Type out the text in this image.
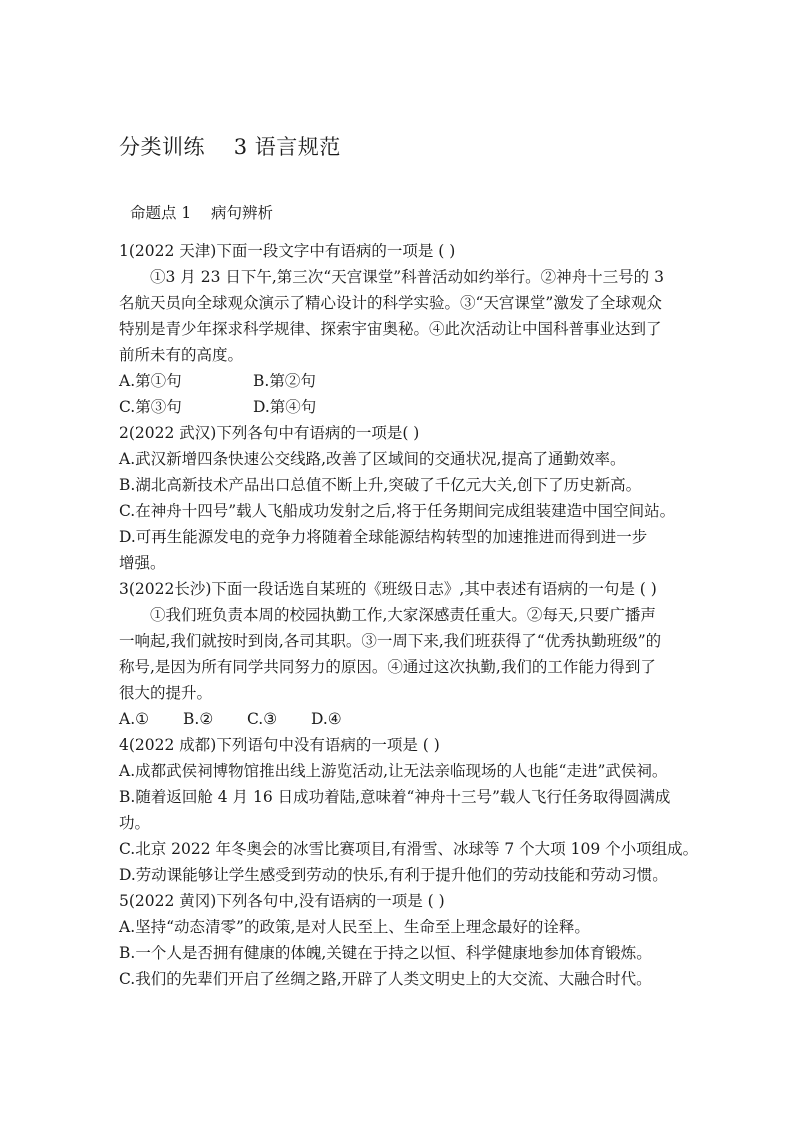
分类训练    3 语言规范
命题点 1    病句辨析
1(2022 天津)下面一段文字中有语病的一项是 ( )
①3 月 23 日下午,第三次“天宫课堂”科普活动如约举行。②神舟十三号的 3
名航天员向全球观众演示了精心设计的科学实验。③“天宫课堂”激发了全球观众
特别是青少年探求科学规律、探索宇宙奥秘。④此次活动让中国科普事业达到了
前所未有的高度。
A.第①句	B.第②句
C.第③句	D.第④句
2(2022 武汉)下列各句中有语病的一项是( )
A.武汉新增四条快速公交线路,改善了区域间的交通状况,提高了通勤效率。
B.湖北高新技术产品出口总值不断上升,突破了千亿元大关,创下了历史新高。
C.在神舟十四号”载人飞船成功发射之后,将于任务期间完成组装建造中国空间站。
D.可再生能源发电的竞争力将随着全球能源结构转型的加速推进而得到进一步
增强。
3(2022长沙)下面一段话选自某班的《班级日志》,其中表述有语病的一句是 ( )
①我们班负责本周的校园执勤工作,大家深感责任重大。②每天,只要广播声
一响起,我们就按时到岗,各司其职。③一周下来,我们班获得了“优秀执勤班级”的
称号,是因为所有同学共同努力的原因。④通过这次执勤,我们的工作能力得到了
很大的提升。
A.① B.② C.③ D.④
4(2022 成都)下列语句中没有语病的一项是 ( )
A.成都武侯祠博物馆推出线上游览活动,让无法亲临现场的人也能“走进”武侯祠。
B.随着返回舱 4 月 16 日成功着陆,意味着“神舟十三号”载人飞行任务取得圆满成
功。
C.北京 2022 年冬奥会的冰雪比赛项目,有滑雪、冰球等 7 个大项 109 个小项组成。
D.劳动课能够让学生感受到劳动的快乐,有利于提升他们的劳动技能和劳动习惯。
5(2022 黄冈)下列各句中,没有语病的一项是 ( )
A.坚持“动态清零”的政策,是对人民至上、生命至上理念最好的诠释。
B.一个人是否拥有健康的体魄,关键在于持之以恒、科学健康地参加体育锻炼。
C.我们的先辈们开启了丝绸之路,开辟了人类文明史上的大交流、大融合时代。
